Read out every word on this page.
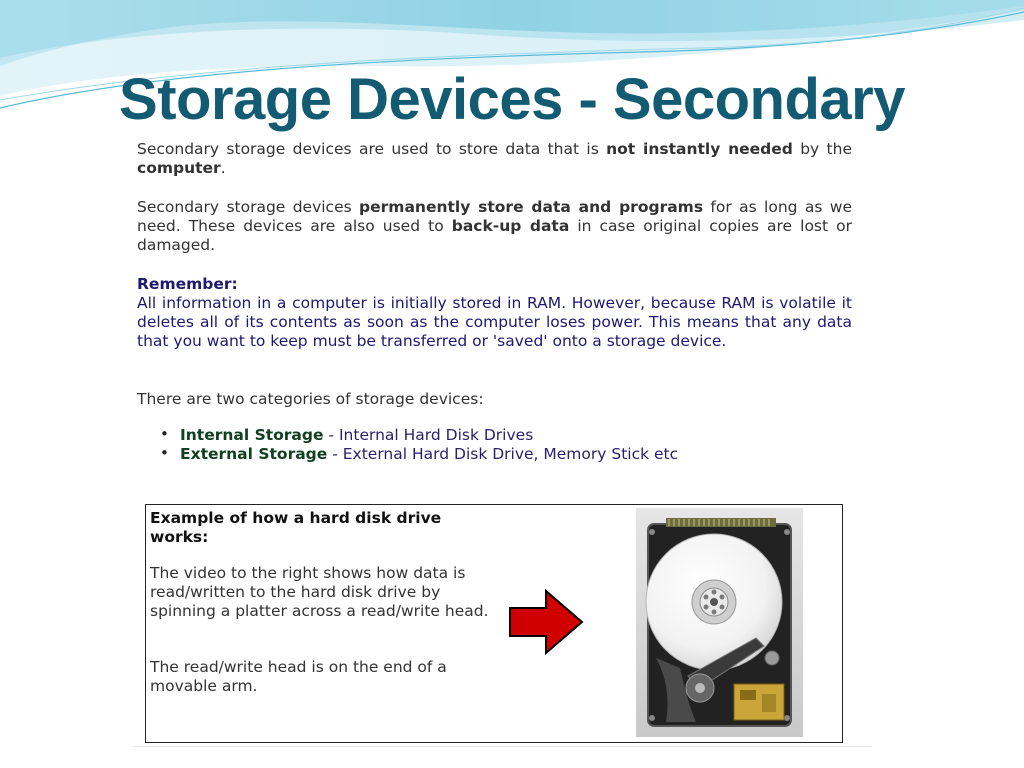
Storage Devices - Secondary

Secondary storage devices are used to store data that is not instantly needed by the computer.

Secondary storage devices permanently store data and programs for as long as we need. These devices are also used to back-up data in case original copies are lost or damaged.

Remember:

All information in a computer is initially stored in RAM. However, because RAM is volatile it deletes all of its contents as soon as the computer loses power. This means that any data that you want to keep must be transferred or 'saved' onto a storage device.

There are two categories of storage devices:

• Internal Storage - Internal Hard Disk Drives
• External Storage - External Hard Disk Drive, Memory Stick etc

Example of how a hard disk drive works:

The video to the right shows how data is read/written to the hard disk drive by spinning a platter across a read/write head.

The read/write head is on the end of a movable arm.
